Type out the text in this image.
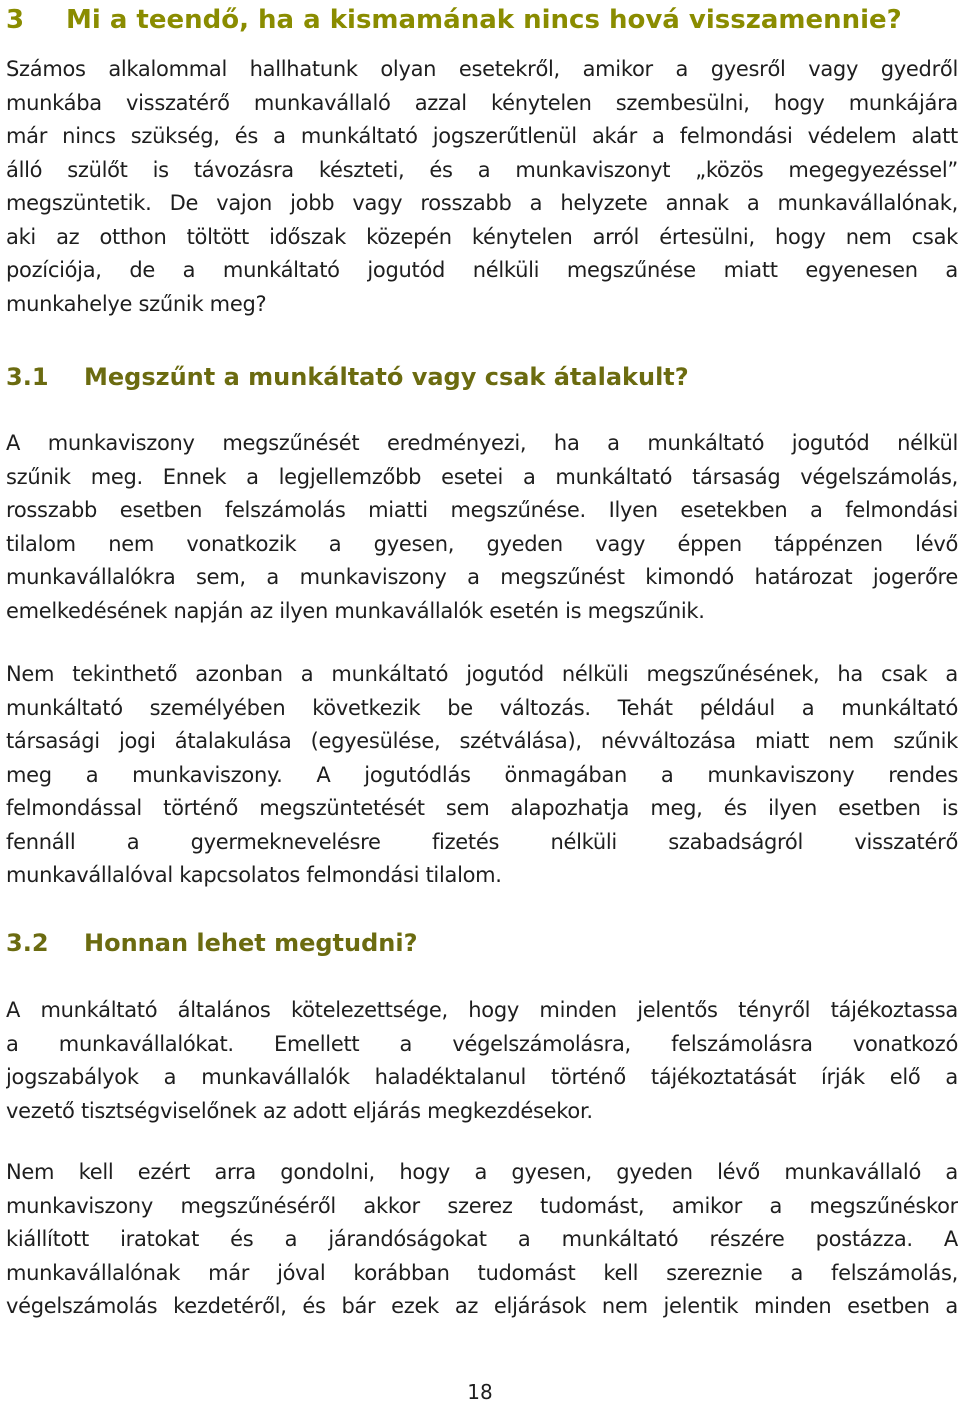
3	Mi a teendő, ha a kismamának nincs hová visszamennie?
Számos alkalommal hallhatunk olyan esetekről, amikor a gyesről vagy gyedről
munkába visszatérő munkavállaló azzal kénytelen szembesülni, hogy munkájára
már nincs szükség, és a munkáltató jogszerűtlenül akár a felmondási védelem alatt
álló szülőt is távozásra készteti, és a munkaviszonyt „közös megegyezéssel”
megszüntetik. De vajon jobb vagy rosszabb a helyzete annak a munkavállalónak,
aki az otthon töltött időszak közepén kénytelen arról értesülni, hogy nem csak
pozíciója, de a munkáltató jogutód nélküli megszűnése miatt egyenesen a
munkahelye szűnik meg?
3.1	Megszűnt a munkáltató vagy csak átalakult?
A munkaviszony megszűnését eredményezi, ha a munkáltató jogutód nélkül
szűnik meg. Ennek a legjellemzőbb esetei a munkáltató társaság végelszámolás,
rosszabb esetben felszámolás miatti megszűnése. Ilyen esetekben a felmondási
tilalom nem vonatkozik a gyesen, gyeden vagy éppen táppénzen lévő
munkavállalókra sem, a munkaviszony a megszűnést kimondó határozat jogerőre
emelkedésének napján az ilyen munkavállalók esetén is megszűnik.
Nem tekinthető azonban a munkáltató jogutód nélküli megszűnésének, ha csak a
munkáltató személyében következik be változás. Tehát például a munkáltató
társasági jogi átalakulása (egyesülése, szétválása), névváltozása miatt nem szűnik
meg a munkaviszony. A jogutódlás önmagában a munkaviszony rendes
felmondással történő megszüntetését sem alapozhatja meg, és ilyen esetben is
fennáll a gyermeknevelésre fizetés nélküli szabadságról visszatérő
munkavállalóval kapcsolatos felmondási tilalom.
3.2	Honnan lehet megtudni?
A munkáltató általános kötelezettsége, hogy minden jelentős tényről tájékoztassa
a munkavállalókat. Emellett a végelszámolásra, felszámolásra vonatkozó
jogszabályok a munkavállalók haladéktalanul történő tájékoztatását írják elő a
vezető tisztségviselőnek az adott eljárás megkezdésekor.
Nem kell ezért arra gondolni, hogy a gyesen, gyeden lévő munkavállaló a
munkaviszony megszűnéséről akkor szerez tudomást, amikor a megszűnéskor
kiállított iratokat és a járandóságokat a munkáltató részére postázza. A
munkavállalónak már jóval korábban tudomást kell szereznie a felszámolás,
végelszámolás kezdetéről, és bár ezek az eljárások nem jelentik minden esetben a
18
